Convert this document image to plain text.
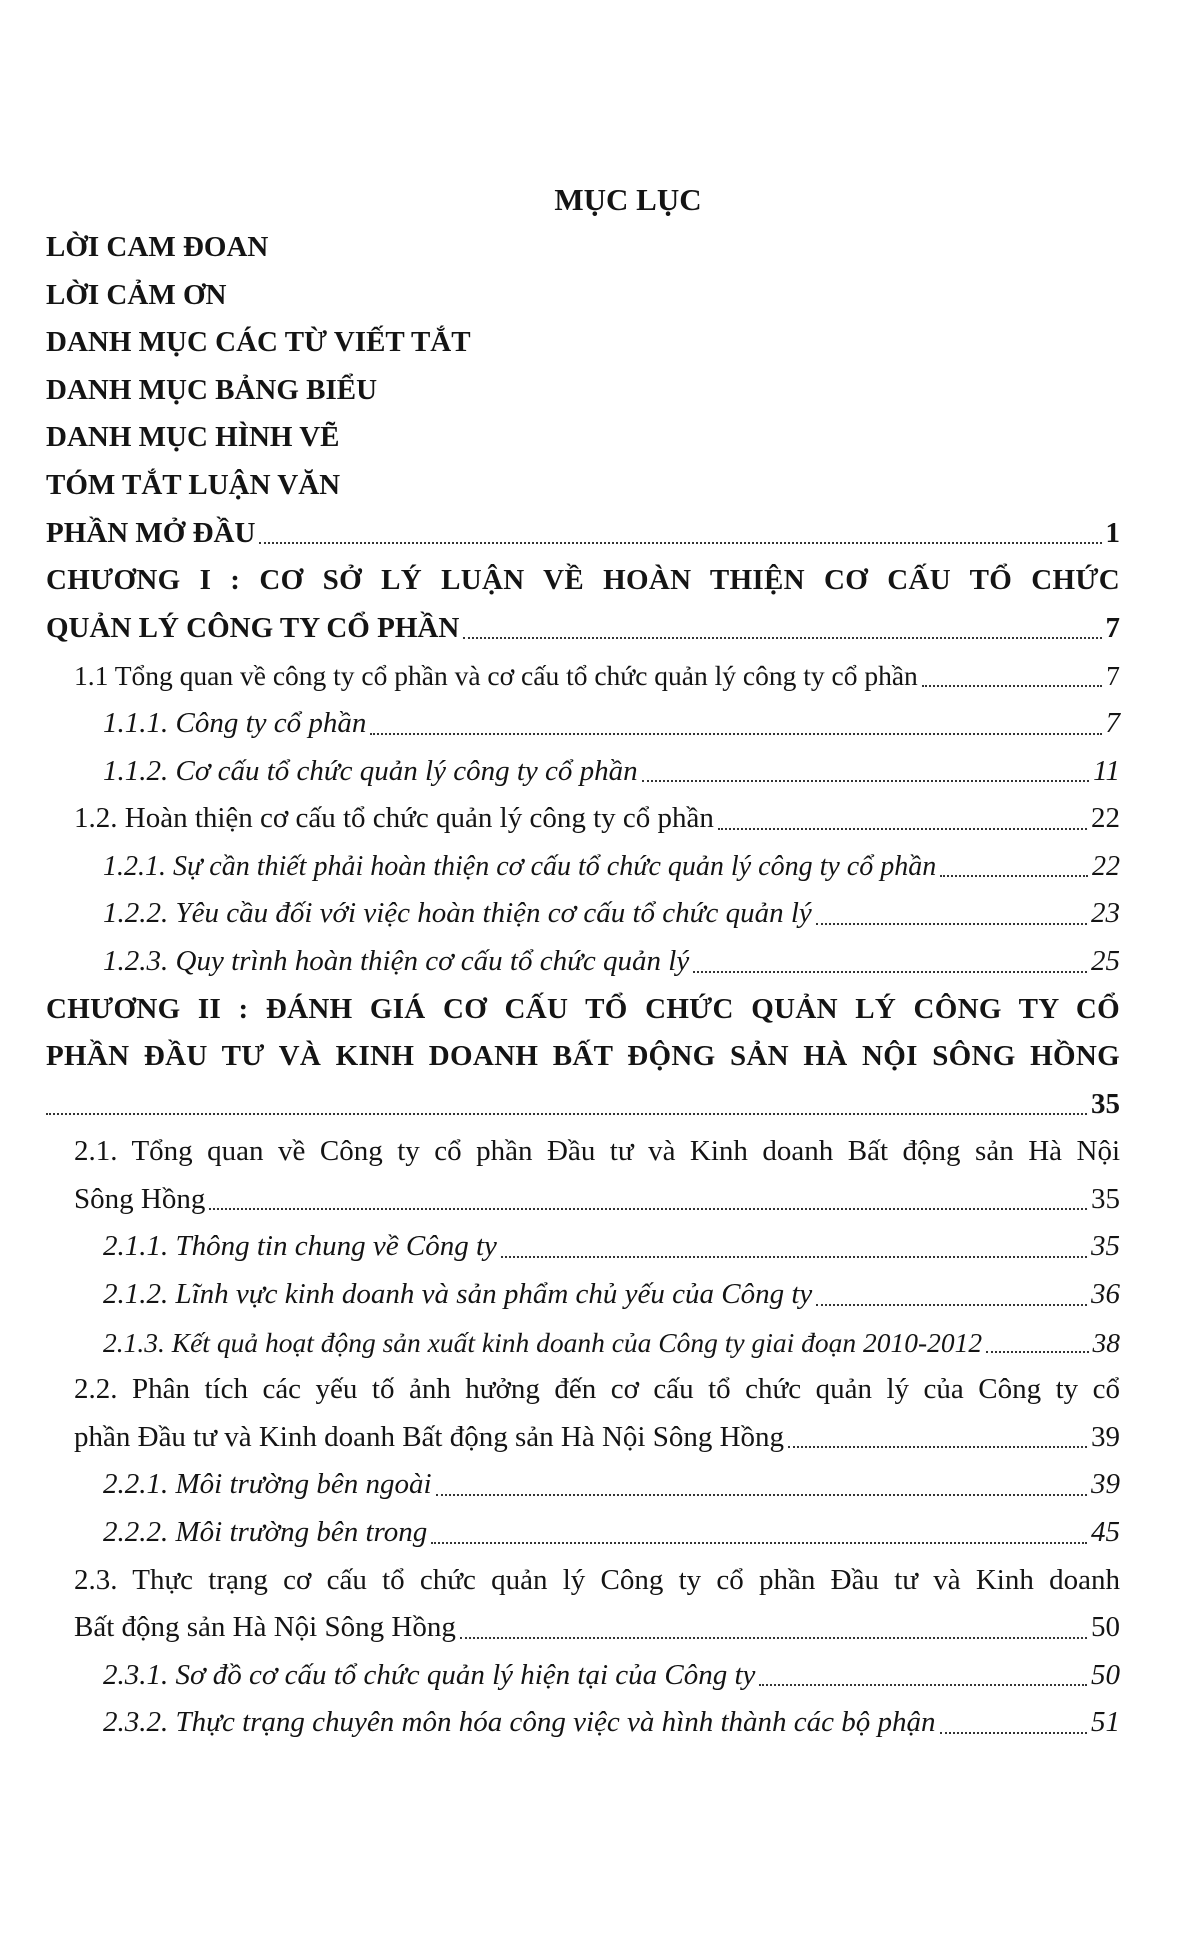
MỤC LỤC
LỜI CAM ĐOAN
LỜI CẢM ƠN
DANH MỤC CÁC TỪ VIẾT TẮT
DANH MỤC BẢNG BIỂU
DANH MỤC HÌNH VẼ
TÓM TẮT LUẬN VĂN
PHẦN MỞ ĐẦU	1
CHƯƠNG I : CƠ SỞ LÝ LUẬN VỀ HOÀN THIỆN CƠ CẤU TỔ CHỨC
QUẢN LÝ CÔNG TY CỔ PHẦN	7
1.1 Tổng quan về công ty cổ phần và cơ cấu tổ chức quản lý công ty cổ phần	7
1.1.1. Công ty cổ phần	7
1.1.2. Cơ cấu tổ chức quản lý công ty cổ phần	11
1.2. Hoàn thiện cơ cấu tổ chức quản lý công ty cổ phần	22
1.2.1. Sự cần thiết phải hoàn thiện cơ cấu tổ chức quản lý công ty cổ phần	22
1.2.2. Yêu cầu đối với việc hoàn thiện cơ cấu tổ chức quản lý	23
1.2.3. Quy trình hoàn thiện cơ cấu tổ chức quản lý	25
CHƯƠNG II : ĐÁNH GIÁ CƠ CẤU TỔ CHỨC QUẢN LÝ CÔNG TY CỔ
PHẦN ĐẦU TƯ VÀ KINH DOANH BẤT ĐỘNG SẢN HÀ NỘI SÔNG HỒNG
35
2.1. Tổng quan về Công ty cổ phần Đầu tư và Kinh doanh Bất động sản Hà Nội
Sông Hồng	35
2.1.1. Thông tin chung về Công ty	35
2.1.2. Lĩnh vực kinh doanh và sản phẩm chủ yếu của Công ty	36
2.1.3. Kết quả hoạt động sản xuất kinh doanh của Công ty giai đoạn 2010-2012	38
2.2. Phân tích các yếu tố ảnh hưởng đến cơ cấu tổ chức quản lý của Công ty cổ
phần Đầu tư và Kinh doanh Bất động sản Hà Nội Sông Hồng	39
2.2.1. Môi trường bên ngoài	39
2.2.2. Môi trường bên trong	45
2.3. Thực trạng cơ cấu tổ chức quản lý Công ty cổ phần Đầu tư và Kinh doanh
Bất động sản Hà Nội Sông Hồng	50
2.3.1. Sơ đồ cơ cấu tổ chức quản lý hiện tại của Công ty	50
2.3.2. Thực trạng chuyên môn hóa công việc và hình thành các bộ phận	51
